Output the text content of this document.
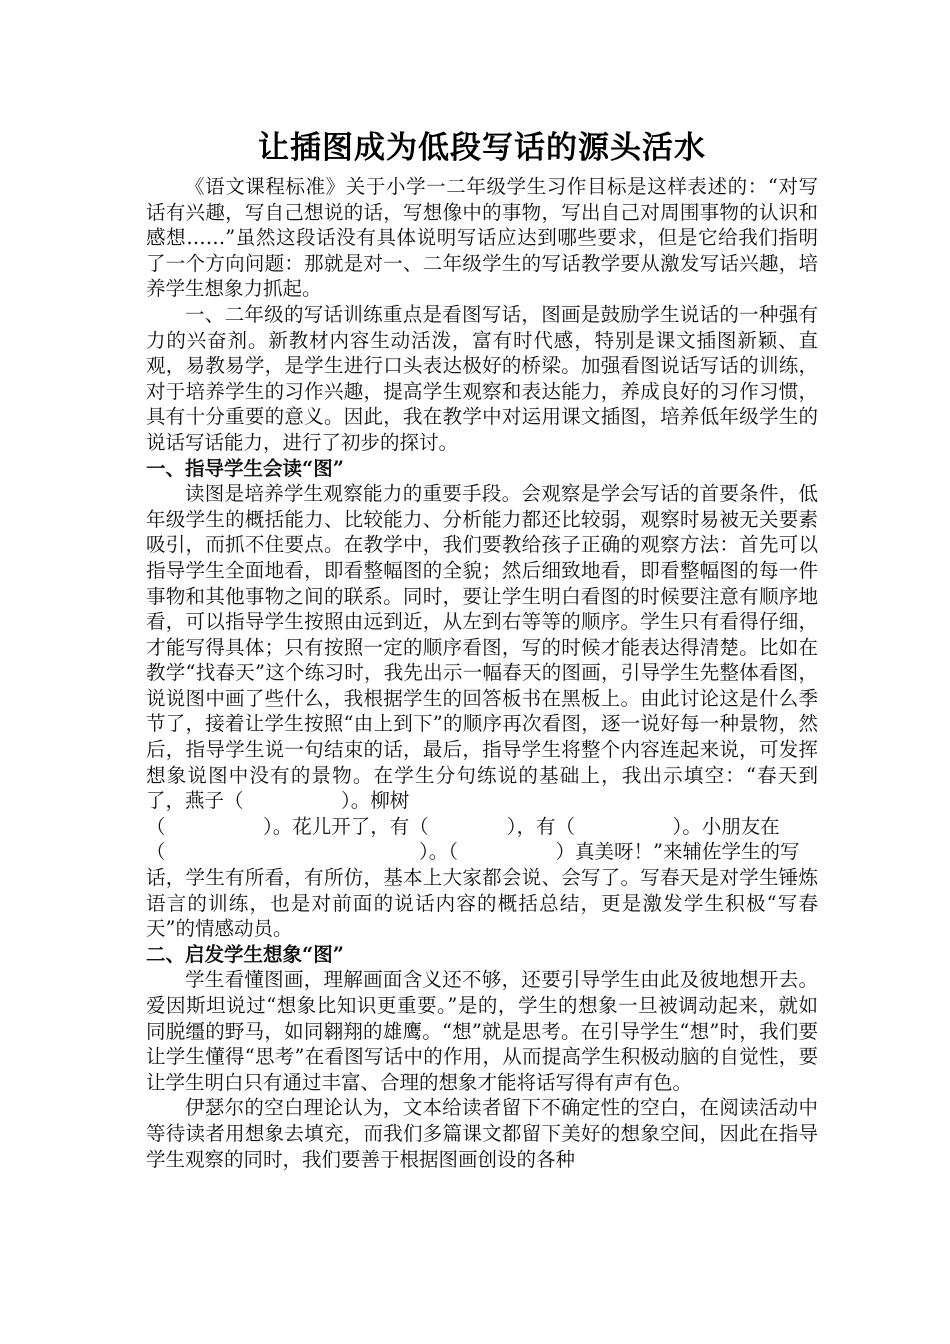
让插图成为低段写话的源头活水

《语文课程标准》关于小学一二年级学生习作目标是这样表述的：“对写话有兴趣，写自己想说的话，写想像中的事物，写出自己对周围事物的认识和感想……”虽然这段话没有具体说明写话应达到哪些要求，但是它给我们指明了一个方向问题：那就是对一、二年级学生的写话教学要从激发写话兴趣，培养学生想象力抓起。

一、二年级的写话训练重点是看图写话，图画是鼓励学生说话的一种强有力的兴奋剂。新教材内容生动活泼，富有时代感，特别是课文插图新颖、直观，易教易学，是学生进行口头表达极好的桥梁。加强看图说话写话的训练，对于培养学生的习作兴趣，提高学生观察和表达能力，养成良好的习作习惯，具有十分重要的意义。因此，我在教学中对运用课文插图，培养低年级学生的说话写话能力，进行了初步的探讨。

一、指导学生会读“图”

读图是培养学生观察能力的重要手段。会观察是学会写话的首要条件，低年级学生的概括能力、比较能力、分析能力都还比较弱，观察时易被无关要素吸引，而抓不住要点。在教学中，我们要教给孩子正确的观察方法：首先可以指导学生全面地看，即看整幅图的全貌；然后细致地看，即看整幅图的每一件事物和其他事物之间的联系。同时，要让学生明白看图的时候要注意有顺序地看，可以指导学生按照由远到近，从左到右等等的顺序。学生只有看得仔细，才能写得具体；只有按照一定的顺序看图，写的时候才能表达得清楚。比如在教学“找春天”这个练习时，我先出示一幅春天的图画，引导学生先整体看图，说说图中画了些什么，我根据学生的回答板书在黑板上。由此讨论这是什么季节了，接着让学生按照“由上到下”的顺序再次看图，逐一说好每一种景物，然后，指导学生说一句结束的话，最后，指导学生将整个内容连起来说，可发挥想象说图中没有的景物。在学生分句练说的基础上，我出示填空：“春天到了，燕子（　　　　　）。柳树

（　　　　　）。花儿开了，有（　　　　），有（　　　　　）。小朋友在

（　　　　　　　　　　　　　）。（　　　　　）真美呀！”来辅佐学生的写

话，学生有所看，有所仿，基本上大家都会说、会写了。写春天是对学生锤炼语言的训练，也是对前面的说话内容的概括总结，更是激发学生积极“写春天”的情感动员。

二、启发学生想象“图”

学生看懂图画，理解画面含义还不够，还要引导学生由此及彼地想开去。爱因斯坦说过“想象比知识更重要。”是的，学生的想象一旦被调动起来，就如同脱缰的野马，如同翱翔的雄鹰。“想”就是思考。在引导学生“想”时，我们要让学生懂得“思考”在看图写话中的作用，从而提高学生积极动脑的自觉性，要让学生明白只有通过丰富、合理的想象才能将话写得有声有色。

伊瑟尔的空白理论认为，文本给读者留下不确定性的空白，在阅读活动中等待读者用想象去填充，而我们多篇课文都留下美好的想象空间，因此在指导学生观察的同时，我们要善于根据图画创设的各种
